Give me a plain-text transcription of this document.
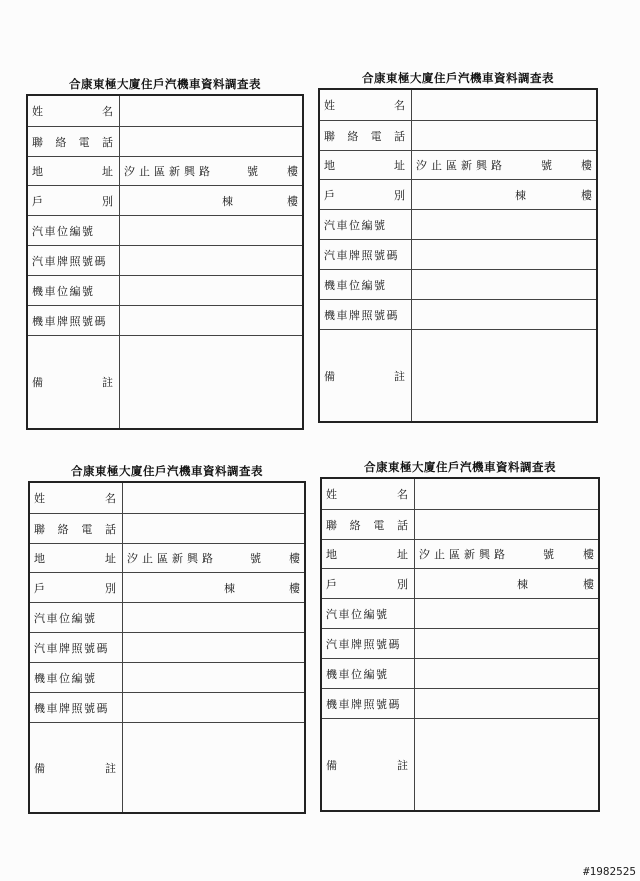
合康東極大廈住戶汽機車資料調查表
姓	名
聯 絡 電 話
地	址 汐止區新興路	號	樓
戶	別	棟	樓
汽車位編號
汽車牌照號碼
機車位編號
機車牌照號碼
備	註
合康東極大廈住戶汽機車資料調查表
姓	名
聯 絡 電 話
地	址 汐止區新興路	號	樓
戶	別	棟	樓
汽車位編號
汽車牌照號碼
機車位編號
機車牌照號碼
備	註
合康東極大廈住戶汽機車資料調查表
姓	名
聯 絡 電 話
地	址 汐止區新興路	號	樓
戶	別	棟	樓
汽車位編號
汽車牌照號碼
機車位編號
機車牌照號碼
備	註
合康東極大廈住戶汽機車資料調查表
姓	名
聯 絡 電 話
地	址 汐止區新興路	號	樓
戶	別	棟	樓
汽車位編號
汽車牌照號碼
機車位編號
機車牌照號碼
備	註
#1982525
